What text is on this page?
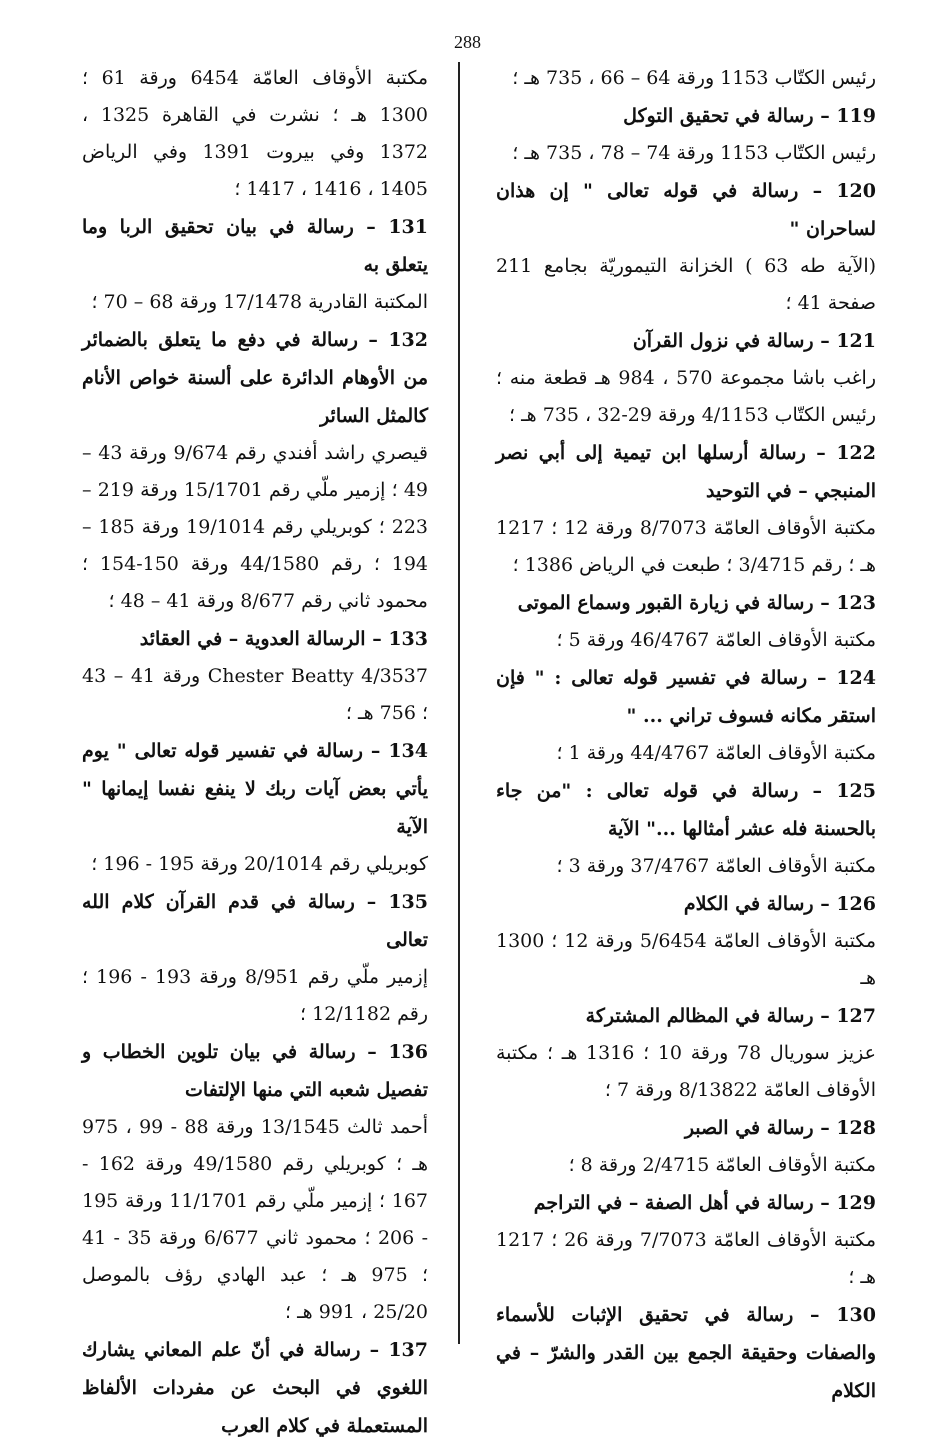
288
رئيس الكتّاب 1153 ورقة 64 – 66 ، 735 هـ ؛
119 – رسالة في تحقيق التوكل
رئيس الكتّاب 1153 ورقة 74 – 78 ، 735 هـ ؛
120 – رسالة في قوله تعالى " إن هذان لساحران "
(الآية طه 63 ) الخزانة التيموريّة بجامع 211 صفحة 41 ؛
121 – رسالة في نزول القرآن
راغب باشا مجموعة 570 ، 984 هـ قطعة منه ؛ رئيس الكتّاب 4/1153 ورقة 29-32 ، 735 هـ ؛
122 – رسالة أرسلها ابن تيمية إلى أبي نصر المنبجي – في التوحيد
مكتبة الأوقاف العامّة 8/7073 ورقة 12 ؛ 1217 هـ ؛ رقم 3/4715 ؛ طبعت في الرياض 1386 ؛
123 – رسالة في زيارة القبور وسماع الموتى
مكتبة الأوقاف العامّة 46/4767 ورقة 5 ؛
124 – رسالة في تفسير قوله تعالى : " فإن استقر مكانه فسوف تراني ... "
مكتبة الأوقاف العامّة 44/4767 ورقة 1 ؛
125 – رسالة في قوله تعالى : "من جاء بالحسنة فله عشر أمثالها ..." الآية
مكتبة الأوقاف العامّة 37/4767 ورقة 3 ؛
126 – رسالة في الكلام
مكتبة الأوقاف العامّة 5/6454 ورقة 12 ؛ 1300 هـ
127 – رسالة في المظالم المشتركة
عزيز سوريال 78 ورقة 10 ؛ 1316 هـ ؛ مكتبة الأوقاف العامّة 8/13822 ورقة 7 ؛
128 – رسالة في الصبر
مكتبة الأوقاف العامّة 2/4715 ورقة 8 ؛
129 – رسالة في أهل الصفة – في التراجم
مكتبة الأوقاف العامّة 7/7073 ورقة 26 ؛ 1217 هـ ؛
130 – رسالة في تحقيق الإثبات للأسماء والصفات وحقيقة الجمع بين القدر والشرّ – في الكلام
مكتبة الأوقاف العامّة 6454 ورقة 61 ؛ 1300 هـ ؛ نشرت في القاهرة 1325 ، 1372 وفي بيروت 1391 وفي الرياض 1405 ، 1416 ، 1417 ؛
131 – رسالة في بيان تحقيق الربا وما يتعلق به
المكتبة القادرية 17/1478 ورقة 68 – 70 ؛
132 – رسالة في دفع ما يتعلق بالضمائر من الأوهام الدائرة على ألسنة خواص الأنام كالمثل السائر
قيصري راشد أفندي رقم 9/674 ورقة 43 – 49 ؛ إزمير ملّي رقم 15/1701 ورقة 219 – 223 ؛ كوبريلي رقم 19/1014 ورقة 185 – 194 ؛ رقم 44/1580 ورقة 150-154 ؛ محمود ثاني رقم 8/677 ورقة 41 – 48 ؛
133 – الرسالة العدوية – في العقائد
Chester Beatty 4/3537 ورقة 41 – 43 ؛ 756 هـ ؛
134 – رسالة في تفسير قوله تعالى " يوم يأتي بعض آيات ربك لا ينفع نفسا إيمانها " الآية
كوبريلي رقم 20/1014 ورقة 195 - 196 ؛
135 – رسالة في قدم القرآن كلام الله تعالى
إزمير ملّي رقم 8/951 ورقة 193 - 196 ؛ رقم 12/1182 ؛
136 – رسالة في بيان تلوين الخطاب و تفصيل شعبه التي منها الإلتفات
أحمد ثالث 13/1545 ورقة 88 - 99 ، 975 هـ ؛ كوبريلي رقم 49/1580 ورقة 162 - 167 ؛ إزمير ملّي رقم 11/1701 ورقة 195 - 206 ؛ محمود ثاني 6/677 ورقة 35 - 41 ؛ 975 هـ ؛ عبد الهادي رؤف بالموصل 25/20 ، 991 هـ ؛
137 – رسالة في أنّ علم المعاني يشارك اللغوي في البحث عن مفردات الألفاظ المستعملة في كلام العرب
